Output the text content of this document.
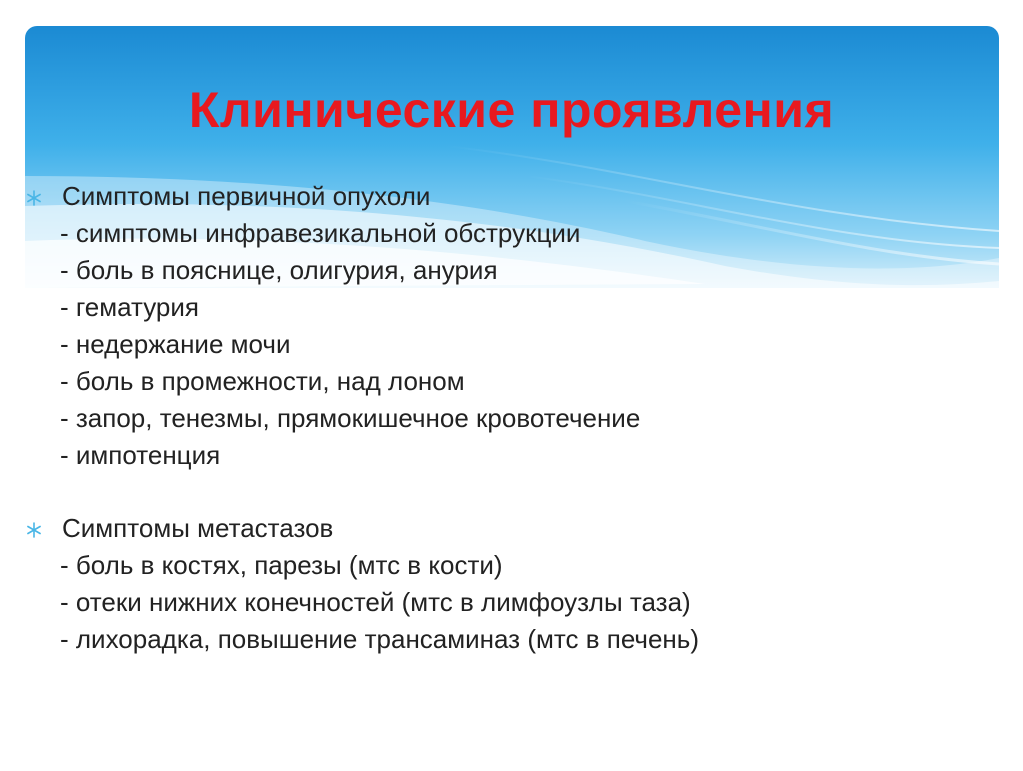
Клинические проявления
Симптомы первичной опухоли
- симптомы инфравезикальной обструкции
- боль в пояснице, олигурия, анурия
- гематурия
- недержание мочи
- боль в промежности, над лоном
- запор, тенезмы, прямокишечное кровотечение
- импотенция
Симптомы метастазов
- боль в костях, парезы (мтс в кости)
- отеки нижних конечностей (мтс в лимфоузлы таза)
- лихорадка, повышение трансаминаз (мтс в печень)
